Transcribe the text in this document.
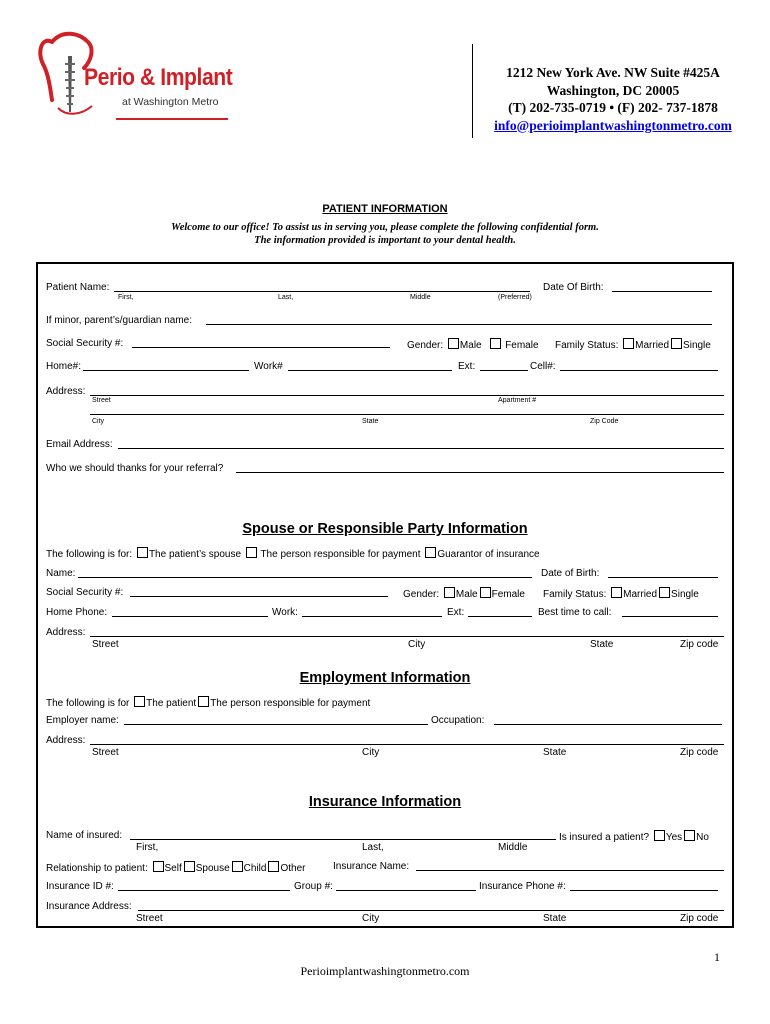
Perio & Implant
at Washington Metro
1212 New York Ave. NW Suite #425A
Washington, DC 20005
(T) 202-735-0719 • (F) 202- 737-1878
info@perioimplantwashingtonmetro.com
PATIENT INFORMATION
Welcome to our office! To assist us in serving you, please complete the following confidential form.
The information provided is important to your dental health.
Patient Name:	Date Of Birth:
First,	Last,	Middle	(Preferred)
If minor, parent’s/guardian name:
Social Security #:	Gender: Male Female Family Status: Married Single
Home#:	Work#	Ext:	Cell#:
Address:
Street	Apartment #
City	State	Zip Code
Email Address:
Who we should thanks for your referral?
Spouse or Responsible Party Information
The following is for: The patient’s spouse The person responsible for payment Guarantor of insurance
Name:	Date of Birth:
Social Security #:	Gender: Male Female Family Status: Married Single
Home Phone:	Work:	Ext:	Best time to call:
Address:
Street	City	State	Zip code
Employment Information
The following is for The patient The person responsible for payment
Employer name:	Occupation:
Address:
Street	City	State	Zip code
Insurance Information
Name of insured:	Is insured a patient? Yes No
First,	Last,	Middle
Relationship to patient: Self Spouse Child Other	Insurance Name:
Insurance ID #:	Group #:	Insurance Phone #:
Insurance Address:
Street	City	State	Zip code
1
Perioimplantwashingtonmetro.com
